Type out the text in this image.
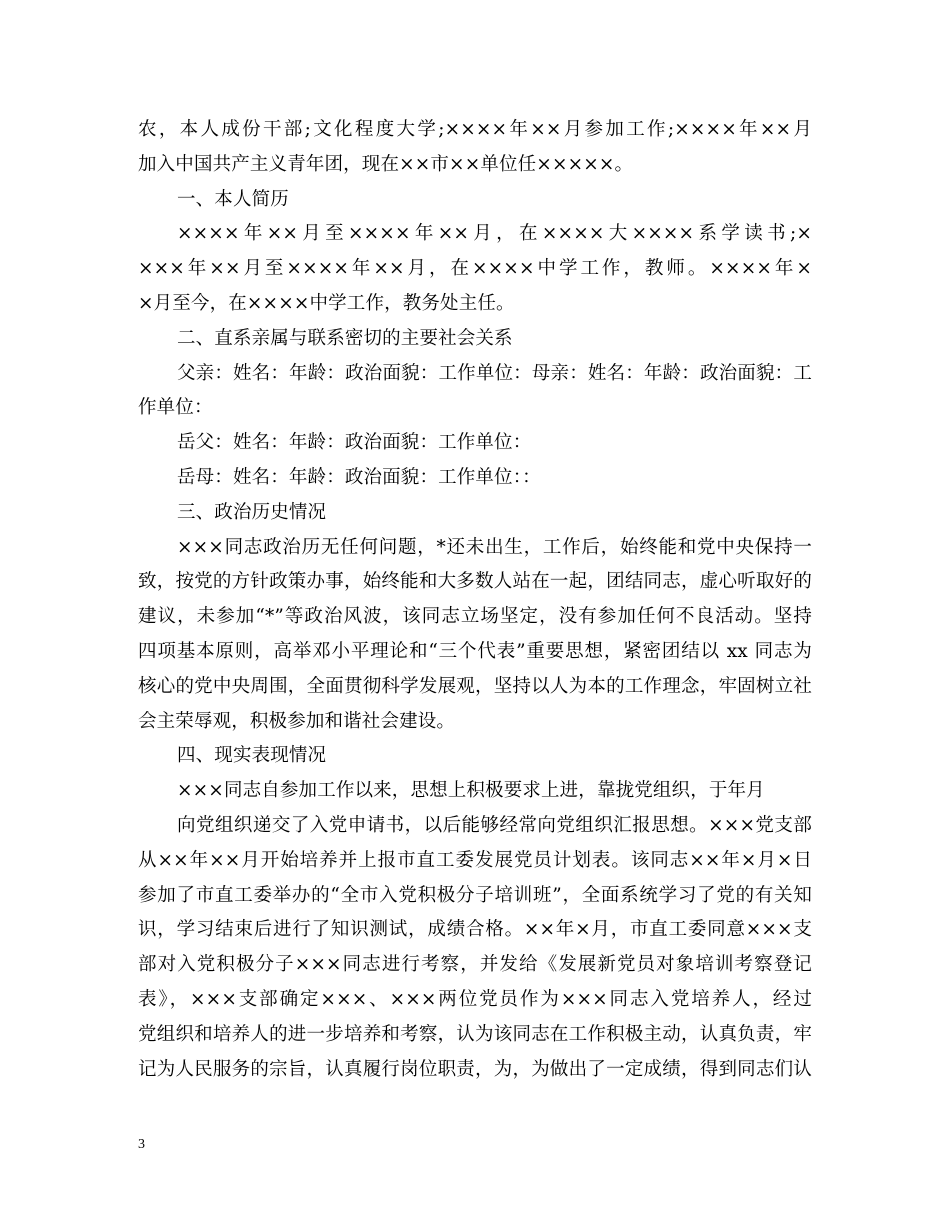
农，本人成份干部;文化程度大学;××××年××月参加工作;××××年××月
加入中国共产主义青年团，现在××市××单位任×××××。
一、本人简历
××××年××月至××××年××月，在××××大××××系学读书;×
×××年××月至××××年××月，在××××中学工作，教师。××××年×
×月至今，在××××中学工作，教务处主任。
二、直系亲属与联系密切的主要社会关系
父亲：姓名：年龄：政治面貌：工作单位：母亲：姓名：年龄：政治面貌：工
作单位：
岳父：姓名：年龄：政治面貌：工作单位：
岳母：姓名：年龄：政治面貌：工作单位：：
三、政治历史情况
×××同志政治历无任何问题，*还未出生，工作后，始终能和党中央保持一
致，按党的方针政策办事，始终能和大多数人站在一起，团结同志，虚心听取好的
建议，未参加“*”等政治风波，该同志立场坚定，没有参加任何不良活动。坚持
四项基本原则，高举邓小平理论和“三个代表”重要思想，紧密团结以 xx 同志为
核心的党中央周围，全面贯彻科学发展观，坚持以人为本的工作理念，牢固树立社
会主荣辱观，积极参加和谐社会建设。
四、现实表现情况
×××同志自参加工作以来，思想上积极要求上进，靠拢党组织，于年月
向党组织递交了入党申请书，以后能够经常向党组织汇报思想。×××党支部
从××年××月开始培养并上报市直工委发展党员计划表。该同志××年×月×日
参加了市直工委举办的“全市入党积极分子培训班”，全面系统学习了党的有关知
识，学习结束后进行了知识测试，成绩合格。××年×月，市直工委同意×××支
部对入党积极分子×××同志进行考察，并发给《发展新党员对象培训考察登记
表》，×××支部确定×××、×××两位党员作为×××同志入党培养人，经过
党组织和培养人的进一步培养和考察，认为该同志在工作积极主动，认真负责，牢
记为人民服务的宗旨，认真履行岗位职责，为，为做出了一定成绩，得到同志们认
3
